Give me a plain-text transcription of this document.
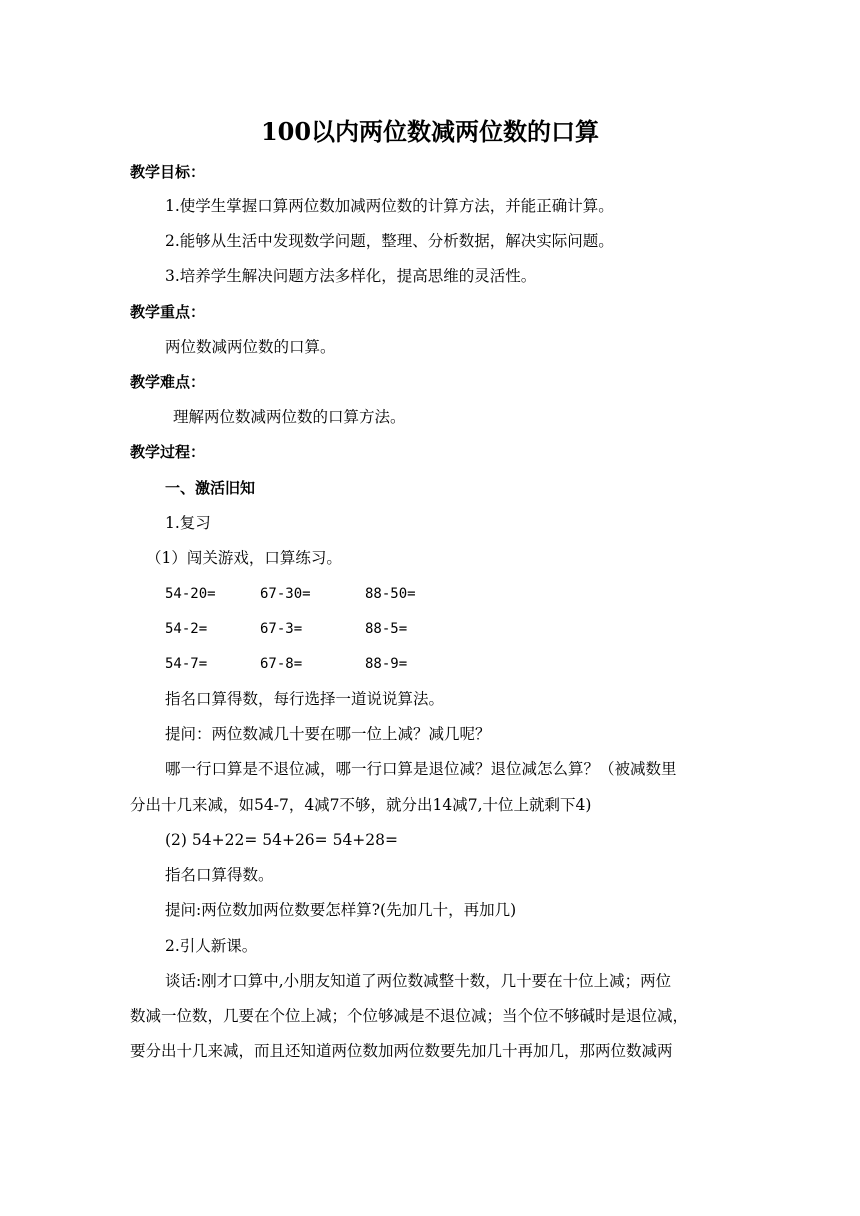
100以内两位数减两位数的口算
教学目标：
1.使学生掌握口算两位数加减两位数的计算方法，并能正确计算。
2.能够从生活中发现数学问题，整理、分析数据，解决实际问题。
3.培养学生解决问题方法多样化，提高思维的灵活性。
教学重点：
两位数减两位数的口算。
教学难点：
理解两位数减两位数的口算方法。
教学过程：
一、激活旧知
1.复习
（1）闯关游戏，口算练习。
54-20=	67-30=	88-50=
54-2=	67-3=	88-5=
54-7=	67-8=	88-9=
指名口算得数，每行选择一道说说算法。
提问：两位数减几十要在哪一位上减？减几呢？
哪一行口算是不退位减，哪一行口算是退位减？退位减怎么算？（被减数里
分出十几来减，如54-7，4减7不够，就分出14减7,十位上就剩下4)
(2) 54+22= 54+26= 54+28=
指名口算得数。
提问:两位数加两位数要怎样算?(先加几十，再加几)
2.引人新课。
谈话:刚才口算中,小朋友知道了两位数减整十数，几十要在十位上减；两位
数减一位数，几要在个位上减；个位够减是不退位减；当个位不够碱时是退位减，
要分出十几来减，而且还知道两位数加两位数要先加几十再加几，那两位数减两
